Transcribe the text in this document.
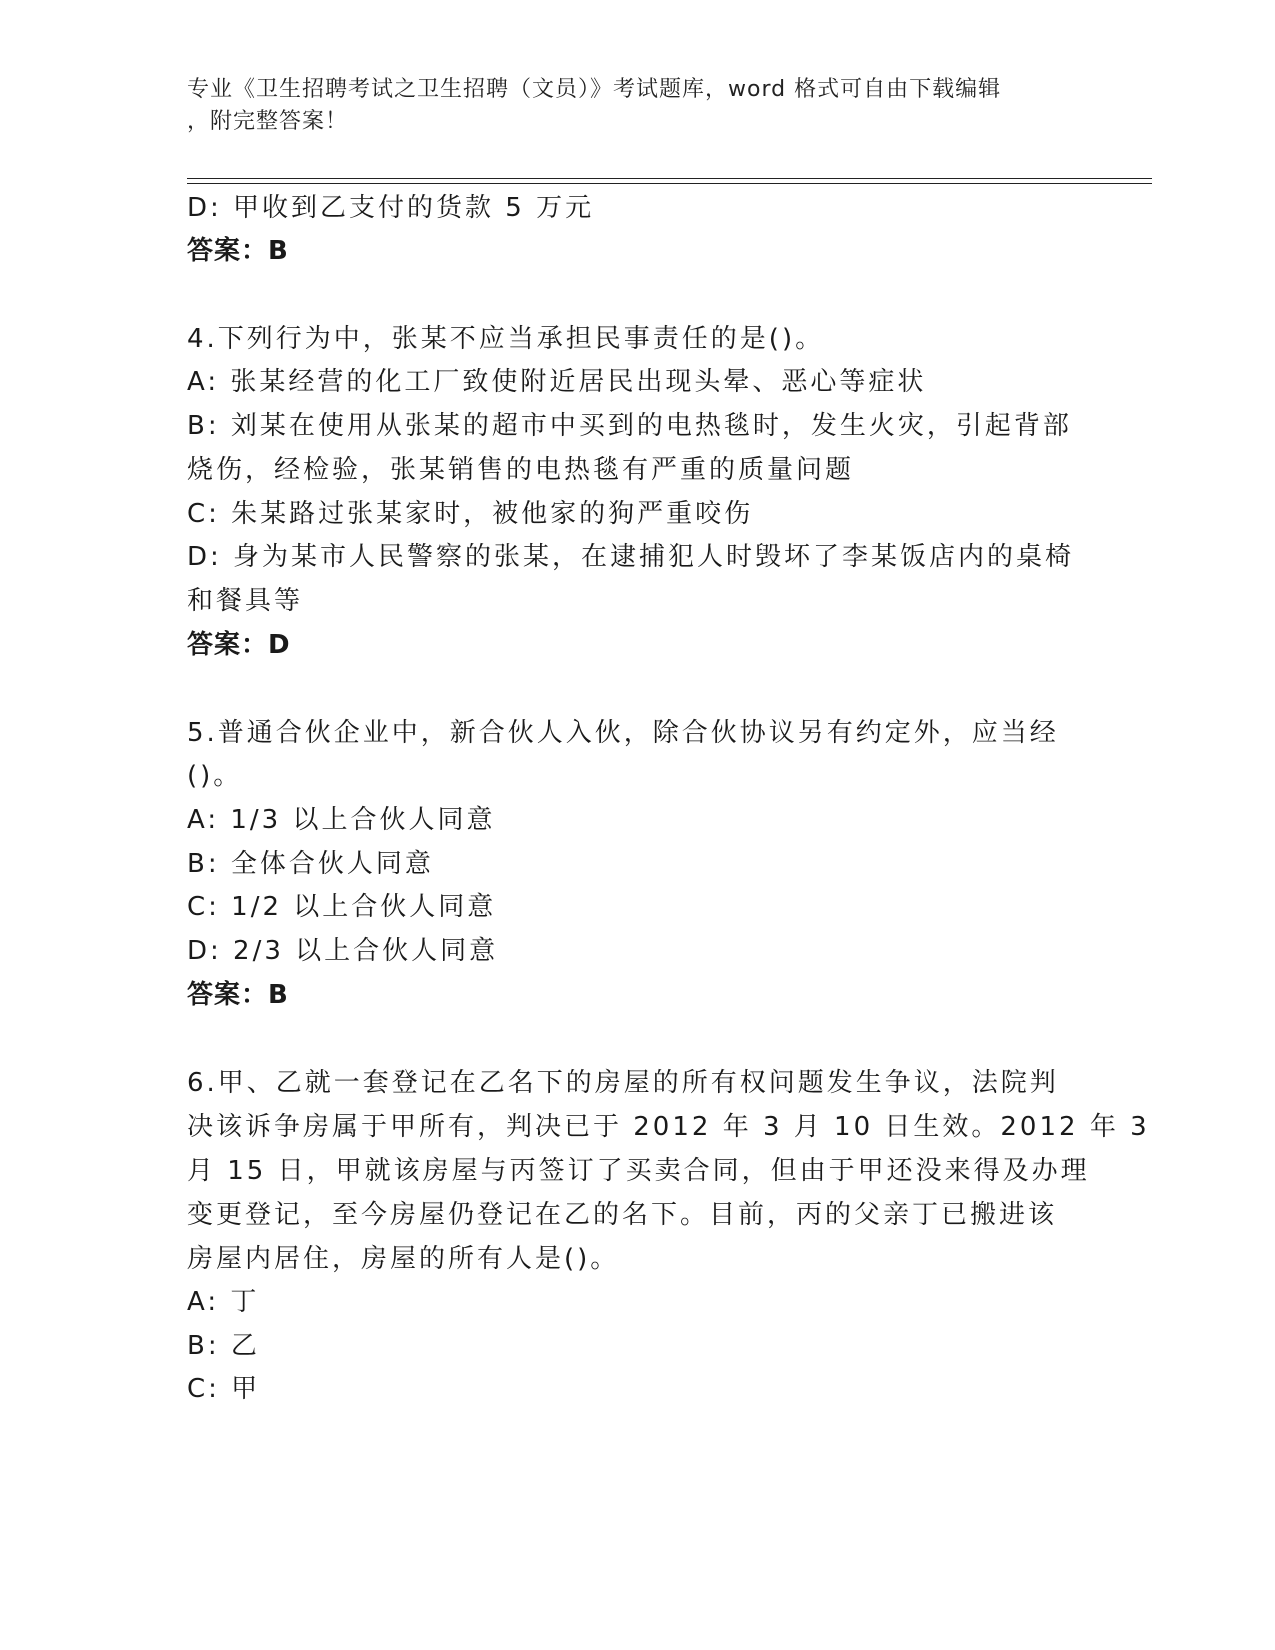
专业《卫生招聘考试之卫生招聘（文员）》考试题库，word 格式可自由下载编辑
，附完整答案！
D: 甲收到乙支付的货款 5 万元
答案：B
4.下列行为中，张某不应当承担民事责任的是()。
A: 张某经营的化工厂致使附近居民出现头晕、恶心等症状
B: 刘某在使用从张某的超市中买到的电热毯时，发生火灾，引起背部
烧伤，经检验，张某销售的电热毯有严重的质量问题
C: 朱某路过张某家时，被他家的狗严重咬伤
D: 身为某市人民警察的张某，在逮捕犯人时毁坏了李某饭店内的桌椅
和餐具等
答案：D
5.普通合伙企业中，新合伙人入伙，除合伙协议另有约定外，应当经
()。
A: 1/3 以上合伙人同意
B: 全体合伙人同意
C: 1/2 以上合伙人同意
D: 2/3 以上合伙人同意
答案：B
6.甲、乙就一套登记在乙名下的房屋的所有权问题发生争议，法院判
决该诉争房属于甲所有，判决已于 2012 年 3 月 10 日生效。2012 年 3
月 15 日，甲就该房屋与丙签订了买卖合同，但由于甲还没来得及办理
变更登记，至今房屋仍登记在乙的名下。目前，丙的父亲丁已搬进该
房屋内居住，房屋的所有人是()。
A: 丁
B: 乙
C: 甲
